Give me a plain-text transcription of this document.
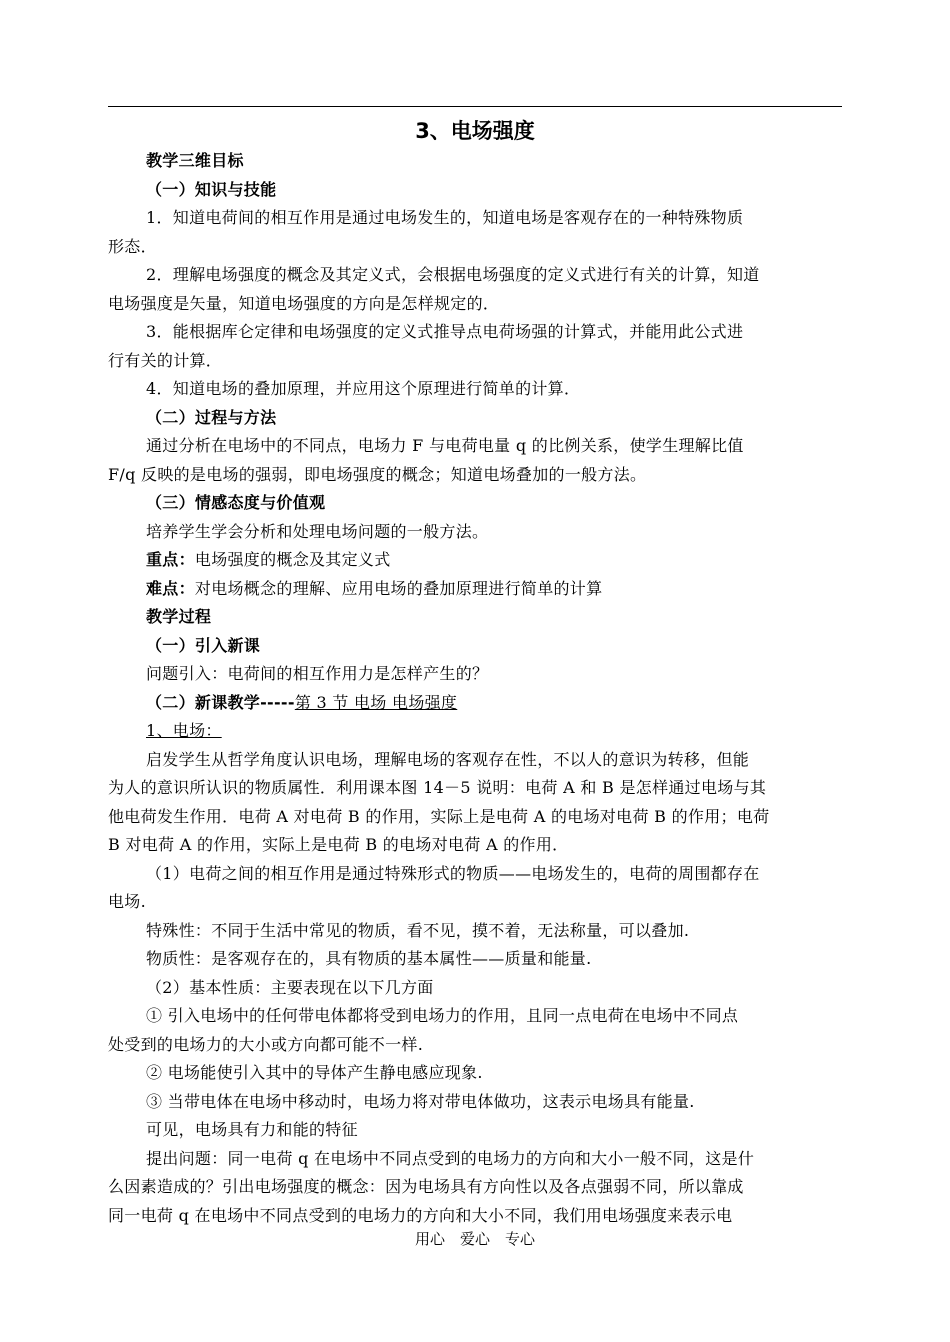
3、电场强度
教学三维目标
（一）知识与技能
1．知道电荷间的相互作用是通过电场发生的，知道电场是客观存在的一种特殊物质
形态．
2．理解电场强度的概念及其定义式，会根据电场强度的定义式进行有关的计算，知道
电场强度是矢量，知道电场强度的方向是怎样规定的．
3．能根据库仑定律和电场强度的定义式推导点电荷场强的计算式，并能用此公式进
行有关的计算．
4．知道电场的叠加原理，并应用这个原理进行简单的计算．
（二）过程与方法
通过分析在电场中的不同点，电场力 F 与电荷电量 q 的比例关系，使学生理解比值
F/q 反映的是电场的强弱，即电场强度的概念；知道电场叠加的一般方法。
（三）情感态度与价值观
培养学生学会分析和处理电场问题的一般方法。
重点：电场强度的概念及其定义式
难点：对电场概念的理解、应用电场的叠加原理进行简单的计算
教学过程
（一）引入新课
问题引入：电荷间的相互作用力是怎样产生的？
（二）新课教学-----第 3 节 电场 电场强度
1、电场：
启发学生从哲学角度认识电场，理解电场的客观存在性，不以人的意识为转移，但能
为人的意识所认识的物质属性．利用课本图 14－5 说明：电荷 A 和 B 是怎样通过电场与其
他电荷发生作用．电荷 A 对电荷 B 的作用，实际上是电荷 A 的电场对电荷 B 的作用；电荷
B 对电荷 A 的作用，实际上是电荷 B 的电场对电荷 A 的作用．
（1）电荷之间的相互作用是通过特殊形式的物质——电场发生的，电荷的周围都存在
电场.
特殊性：不同于生活中常见的物质，看不见，摸不着，无法称量，可以叠加.
物质性：是客观存在的，具有物质的基本属性——质量和能量.
（2）基本性质：主要表现在以下几方面
① 引入电场中的任何带电体都将受到电场力的作用，且同一点电荷在电场中不同点
处受到的电场力的大小或方向都可能不一样.
② 电场能使引入其中的导体产生静电感应现象.
③ 当带电体在电场中移动时，电场力将对带电体做功，这表示电场具有能量.
可见，电场具有力和能的特征
提出问题：同一电荷 q 在电场中不同点受到的电场力的方向和大小一般不同，这是什
么因素造成的？引出电场强度的概念：因为电场具有方向性以及各点强弱不同，所以靠成
同一电荷 q 在电场中不同点受到的电场力的方向和大小不同，我们用电场强度来表示电
用心　爱心　专心
